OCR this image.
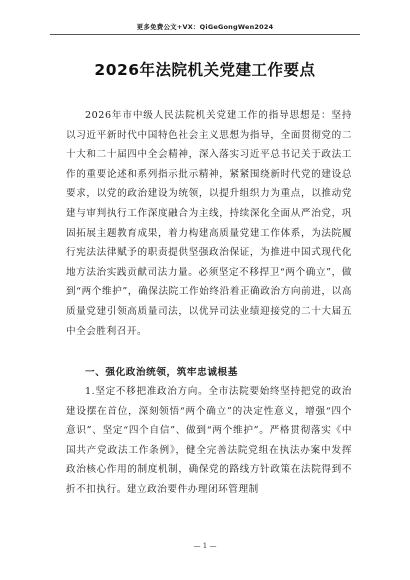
更多免费公文+VX：QiGeGongWen2024
2026年法院机关党建工作要点
2026年市中级人民法院机关党建工作的指导思想是：坚持以习近平新时代中国特色社会主义思想为指导，全面贯彻党的二十大和二十届四中全会精神，深入落实习近平总书记关于政法工作的重要论述和系列指示批示精神，紧紧围绕新时代党的建设总要求，以党的政治建设为统领，以提升组织力为重点，以推动党建与审判执行工作深度融合为主线，持续深化全面从严治党，巩固拓展主题教育成果，着力构建高质量党建工作体系，为法院履行宪法法律赋予的职责提供坚强政治保证，为推进中国式现代化地方法治实践贡献司法力量。必须坚定不移捍卫“两个确立”，做到“两个维护”，确保法院工作始终沿着正确政治方向前进，以高质量党建引领高质量司法，以优异司法业绩迎接党的二十大届五中全会胜利召开。
一、强化政治统领，筑牢忠诚根基
1.坚定不移把准政治方向。全市法院要始终坚持把党的政治建设摆在首位，深刻领悟“两个确立”的决定性意义，增强“四个意识”、坚定“四个自信”、做到“两个维护”。严格贯彻落实《中国共产党政法工作条例》，健全完善法院党组在执法办案中发挥政治核心作用的制度机制，确保党的路线方针政策在法院得到不折不扣执行。建立政治要件办理闭环管理制
— 1 —
